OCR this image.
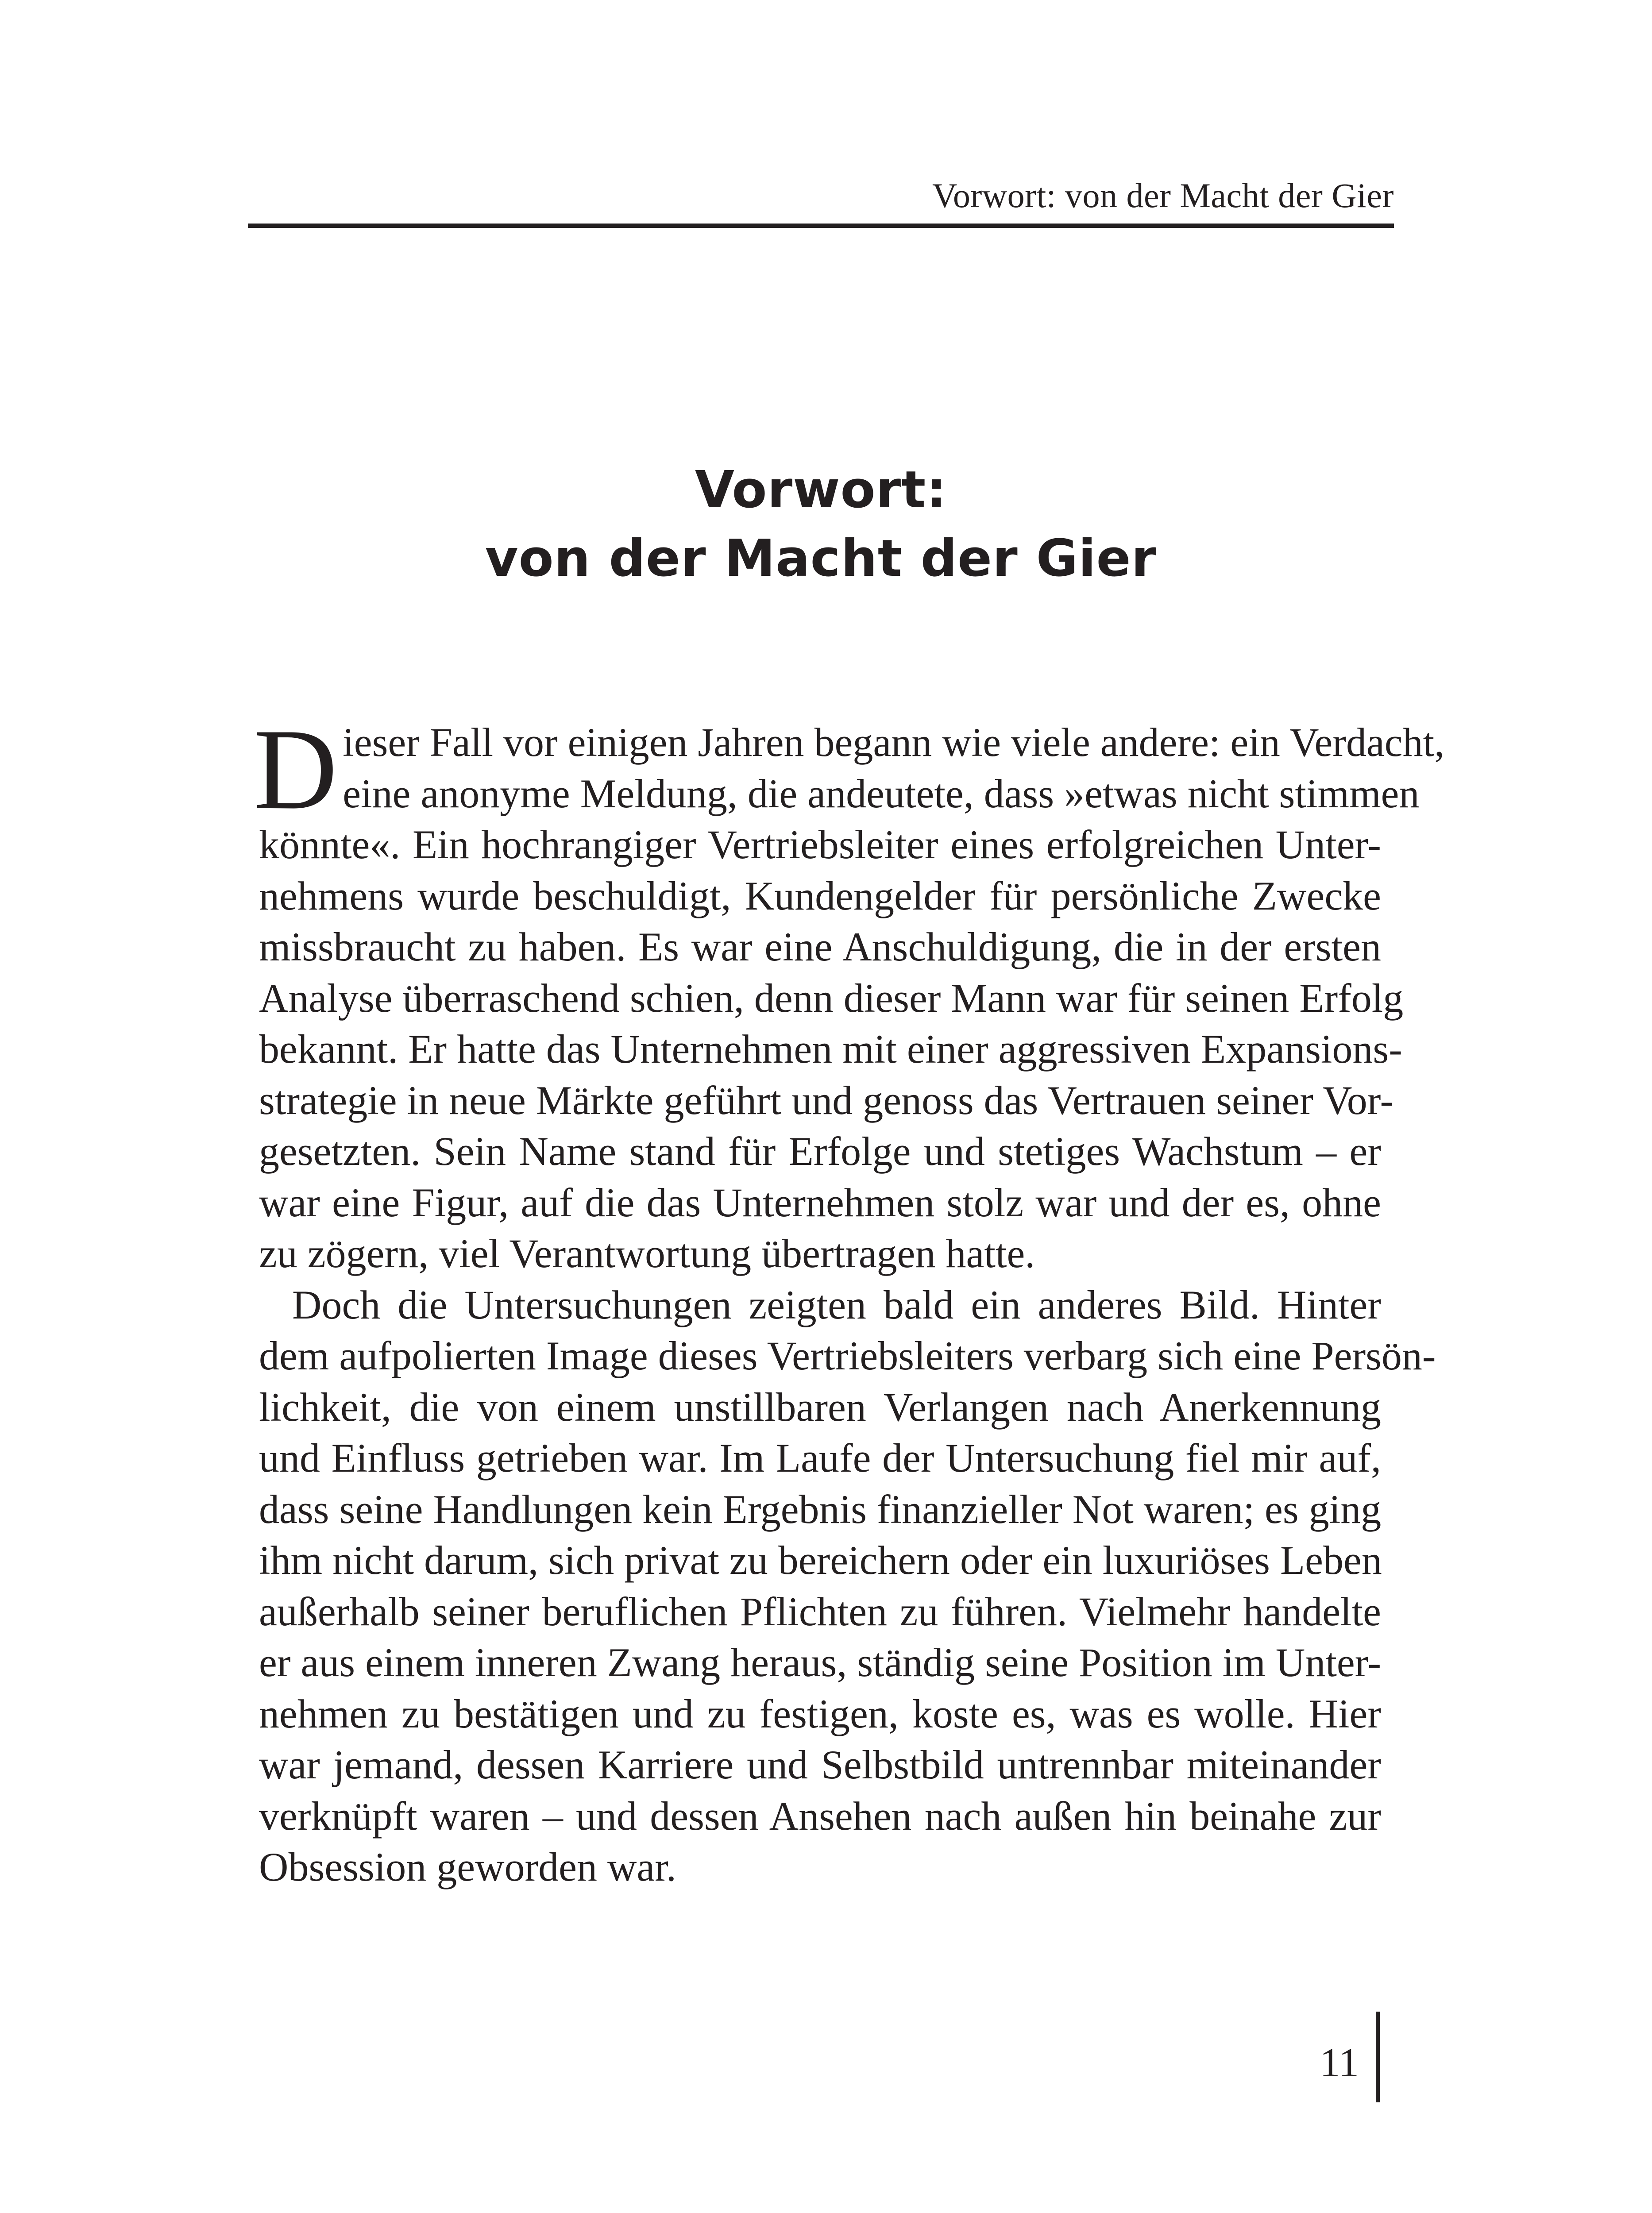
Vorwort: von der Macht der Gier
Vorwort:
von der Macht der Gier

D ieser Fall vor einigen Jahren begann wie viele andere: ein Verdacht,
eine anonyme Meldung, die andeutete, dass »etwas nicht stimmen
könnte«. Ein hochrangiger Vertriebsleiter eines erfolgreichen Unter-
nehmens wurde beschuldigt, Kundengelder für persönliche Zwecke
missbraucht zu haben. Es war eine Anschuldigung, die in der ersten
Analyse überraschend schien, denn dieser Mann war für seinen Erfolg
bekannt. Er hatte das Unternehmen mit einer aggressiven Expansions-
strategie in neue Märkte geführt und genoss das Vertrauen seiner Vor-
gesetzten. Sein Name stand für Erfolge und stetiges Wachstum – er
war eine Figur, auf die das Unternehmen stolz war und der es, ohne
zu zögern, viel Verantwortung übertragen hatte.

Doch die Untersuchungen zeigten bald ein anderes Bild. Hinter
dem aufpolierten Image dieses Vertriebsleiters verbarg sich eine Persön-
lichkeit, die von einem unstillbaren Verlangen nach Anerkennung
und Einfluss getrieben war. Im Laufe der Untersuchung fiel mir auf,
dass seine Handlungen kein Ergebnis finanzieller Not waren; es ging
ihm nicht darum, sich privat zu bereichern oder ein luxuriöses Leben
außerhalb seiner beruflichen Pflichten zu führen. Vielmehr handelte
er aus einem inneren Zwang heraus, ständig seine Position im Unter-
nehmen zu bestätigen und zu festigen, koste es, was es wolle. Hier
war jemand, dessen Karriere und Selbstbild untrennbar miteinander
verknüpft waren – und dessen Ansehen nach außen hin beinahe zur
Obsession geworden war.

11
